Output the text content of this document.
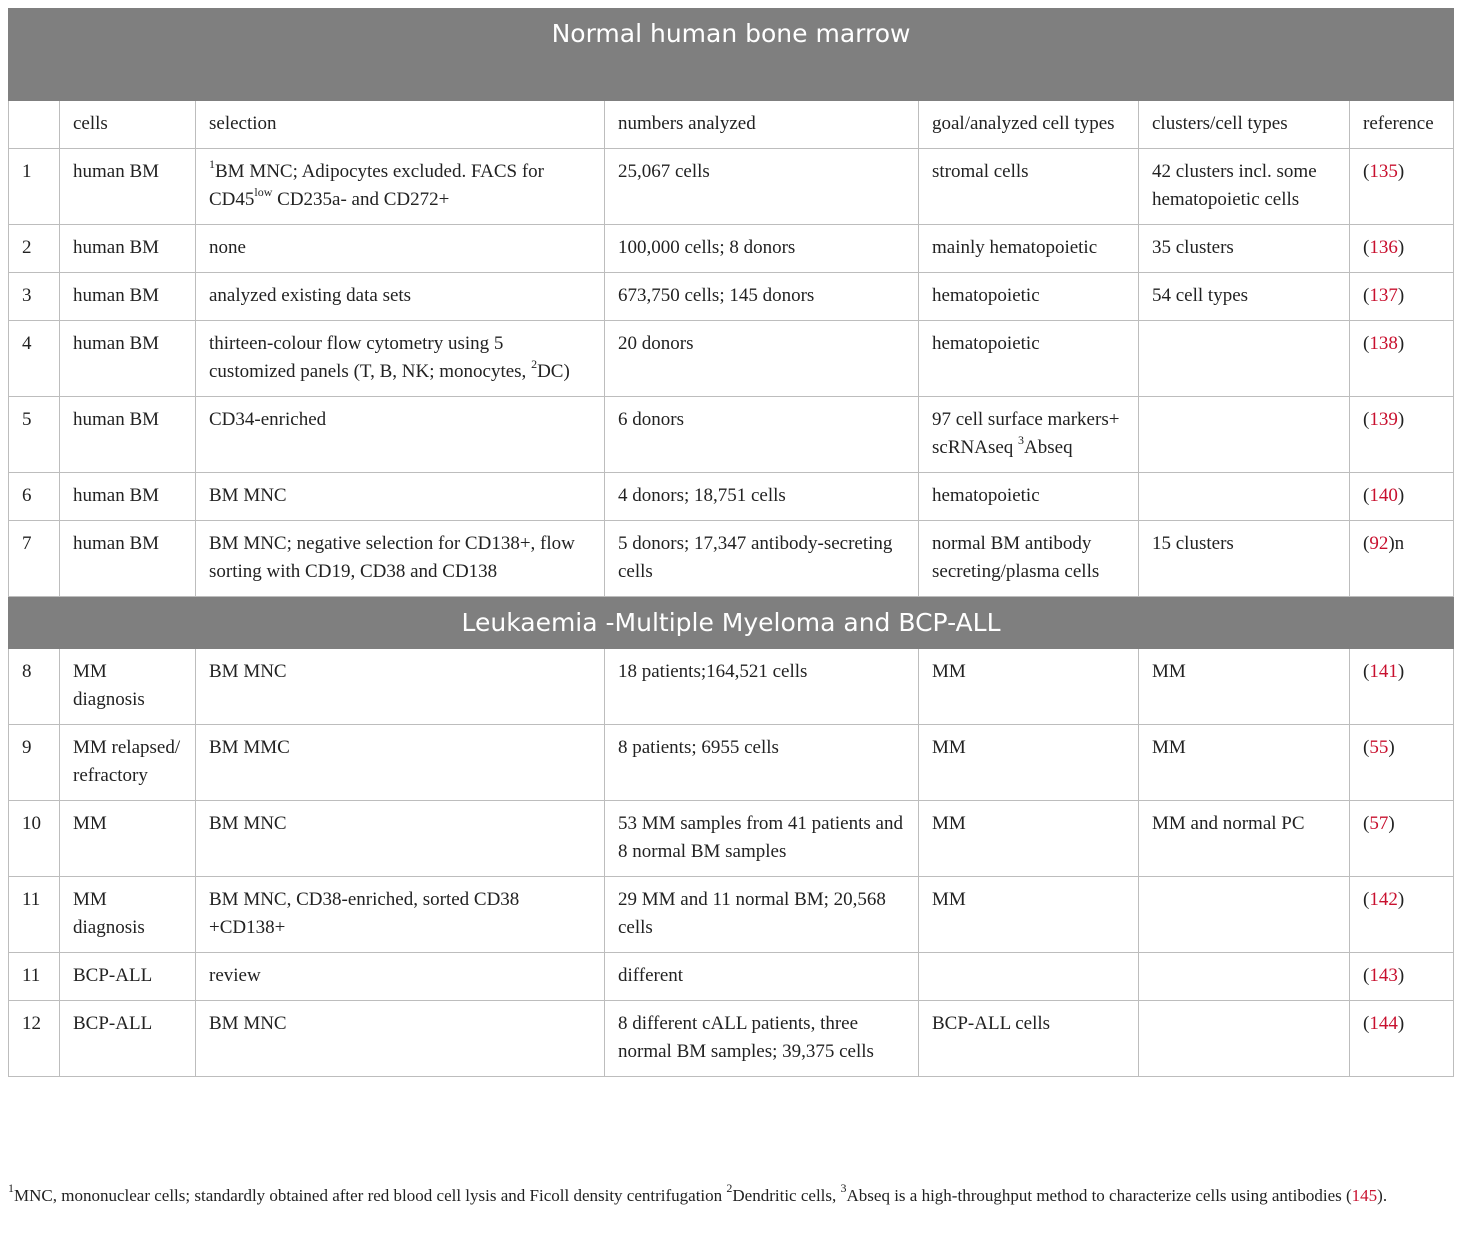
Normal human bone marrow						
	cells	selection	numbers analyzed	goal/analyzed cell types	clusters/cell types	reference
1	human BM	$^1$BM MNC; Adipocytes excluded. FACS for $CD45^{low}$ CD235a- and CD272+	25,067 cells	stromal cells	42 clusters incl. some hematopoietic cells	(135)
2	human BM	none	100,000 cells; 8 donors	mainly hematopoietic	35 clusters	(136)
3	human BM	analyzed existing data sets	673,750 cells; 145 donors	hematopoietic	54 cell types	(137)
4	human BM	thirteen-colour flow cytometry using 5 customized panels (T, B, NK; monocytes, $^2$DC)	20 donors	hematopoietic		(138)
5	human BM	CD34-enriched	6 donors	97 cell surface markers+ scRNAseq $^3$Abseq		(139)
6	human BM	BM MNC	4 donors; 18,751 cells	hematopoietic		(140)
7	human BM	BM MNC; negative selection for CD138+, flow sorting with CD19, CD38 and CD138	5 donors; 17,347 antibody-secreting cells	normal BM antibody secreting/plasma cells	15 clusters	(92)n
Leukaemia -Multiple Myeloma and BCP-ALL						
8	MM diagnosis	BM MNC	18 patients;164,521 cells	MM	MM	(141)
9	MM relapsed/ refractory	BM MMC	8 patients; 6955 cells	MM	MM	(55)
10	MM	BM MNC	53 MM samples from 41 patients and 8 normal BM samples	MM	MM and normal PC	(57)
11	MM diagnosis	BM MNC, CD38-enriched, sorted CD38 +CD138+	29 MM and 11 normal BM; 20,568 cells	MM		(142)
11	BCP-ALL	review	different			(143)
12	BCP-ALL	BM MNC	8 different cALL patients, three normal BM samples; 39,375 cells	BCP-ALL cells		(144)
$^1$MNC, mononuclear cells; standardly obtained after red blood cell lysis and Ficoll density centrifugation $^2$Dendritic cells, $^3$Abseq is a high-throughput method to characterize cells using antibodies (145).
